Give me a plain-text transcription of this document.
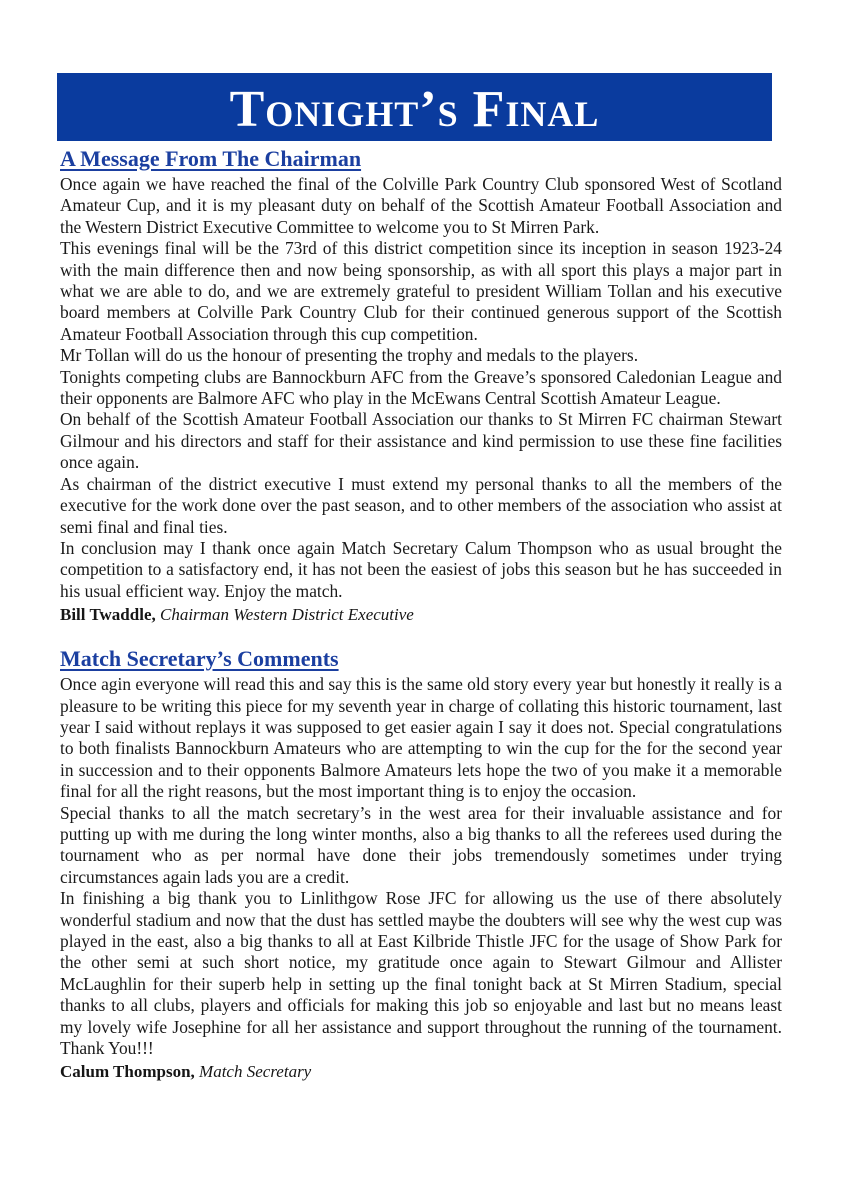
Tonight’s Final
A Message From The Chairman

Once again we have reached the final of the Colville Park Country Club sponsored West of Scotland Amateur Cup, and it is my pleasant duty on behalf of the Scottish Amateur Football Association and the Western District Executive Committee to welcome you to St Mirren Park.

This evenings final will be the 73rd of this district competition since its inception in season 1923-24 with the main difference then and now being sponsorship, as with all sport this plays a major part in what we are able to do, and we are extremely grateful to president William Tollan and his executive board members at Colville Park Country Club for their continued generous support of the Scottish Amateur Football Association through this cup competition.

Mr Tollan will do us the honour of presenting the trophy and medals to the players.

Tonights competing clubs are Bannockburn AFC from the Greave’s sponsored Caledonian League and their opponents are Balmore AFC who play in the McEwans Central Scottish Amateur League.

On behalf of the Scottish Amateur Football Association our thanks to St Mirren FC chairman Stewart Gilmour and his directors and staff for their assistance and kind permission to use these fine facilities once again.

As chairman of the district executive I must extend my personal thanks to all the members of the executive for the work done over the past season, and to other members of the association who assist at semi final and final ties.

In conclusion may I thank once again Match Secretary Calum Thompson who as usual brought the competition to a satisfactory end, it has not been the easiest of jobs this season but he has succeeded in his usual efficient way. Enjoy the match.

Bill Twaddle, Chairman Western District Executive

Match Secretary’s Comments

Once agin everyone will read this and say this is the same old story every year but honestly it really is a pleasure to be writing this piece for my seventh year in charge of collating this historic tournament, last year I said without replays it was supposed to get easier again I say it does not. Special congratulations to both finalists Bannockburn Amateurs who are attempting to win the cup for the for the second year in succession and to their opponents Balmore Amateurs lets hope the two of you make it a memorable final for all the right reasons, but the most important thing is to enjoy the occasion.

Special thanks to all the match secretary’s in the west area for their invaluable assistance and for putting up with me during the long winter months, also a big thanks to all the referees used during the tournament who as per normal have done their jobs tremendously sometimes under trying circumstances again lads you are a credit.

In finishing a big thank you to Linlithgow Rose JFC for allowing us the use of there absolutely wonderful stadium and now that the dust has settled maybe the doubters will see why the west cup was played in the east, also a big thanks to all at East Kilbride Thistle JFC for the usage of Show Park for the other semi at such short notice, my gratitude once again to Stewart Gilmour and Allister McLaughlin for their superb help in setting up the final tonight back at St Mirren Stadium, special thanks to all clubs, players and officials for making this job so enjoyable and last but no means least my lovely wife Josephine for all her assistance and support throughout the running of the tournament. Thank You!!!

Calum Thompson, Match Secretary
